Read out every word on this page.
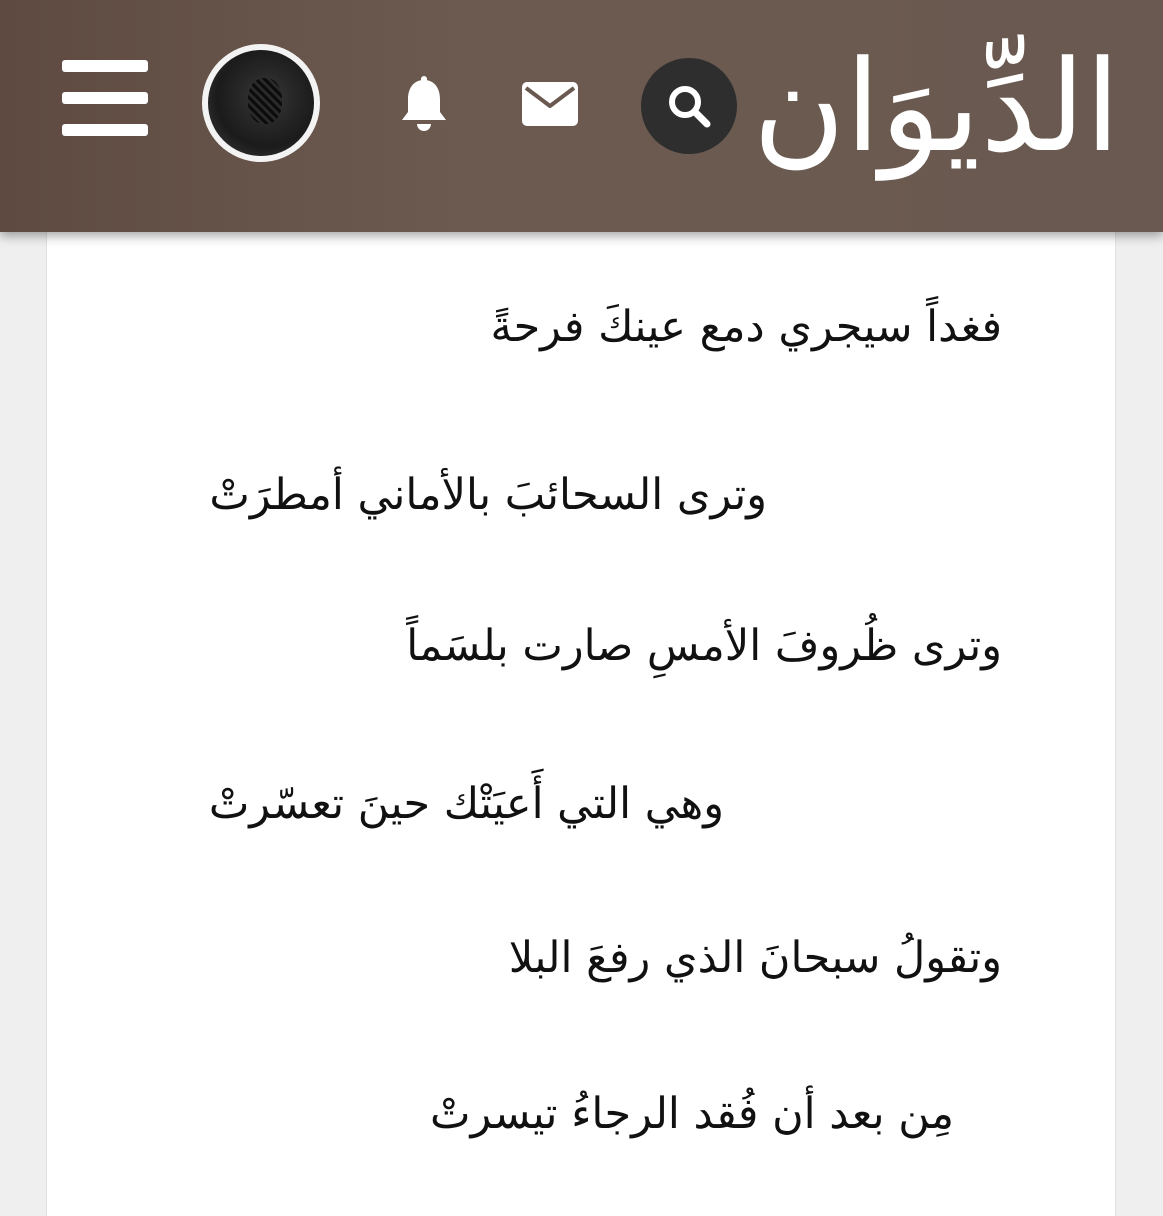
الدِّيوَان
فغداً سيجري دمع عينكَ فرحةً
وترى السحائبَ بالأماني أمطرَتْ
وترى ظُروفَ الأمسِ صارت بلسَماً
وهي التي أَعيَتْك حينَ تعسّرتْ
وتقولُ سبحانَ الذي رفعَ البلا
مِن بعد أن فُقد الرجاءُ تيسرتْ
